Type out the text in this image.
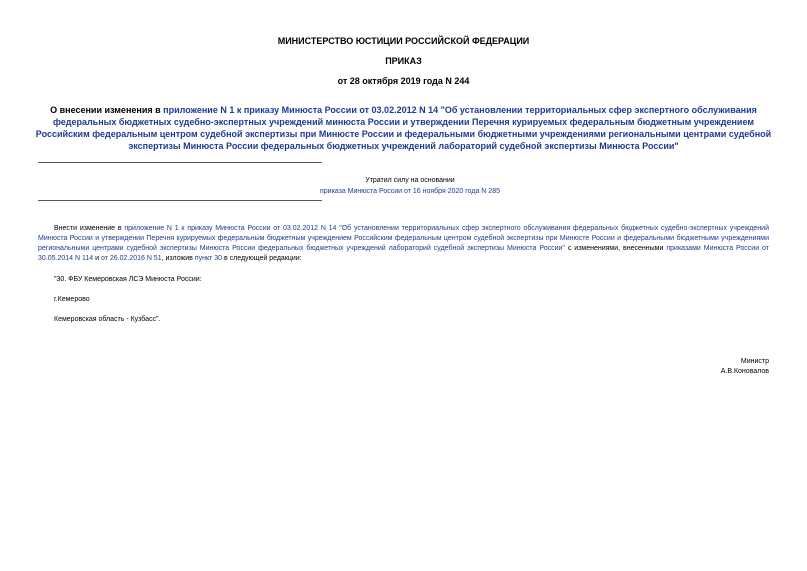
МИНИСТЕРСТВО ЮСТИЦИИ РОССИЙСКОЙ ФЕДЕРАЦИИ
ПРИКАЗ
от 28 октября 2019 года N 244
О внесении изменения в приложение N 1 к приказу Минюста России от 03.02.2012 N 14 "Об установлении территориальных сфер экспертного обслуживания федеральных бюджетных судебно-экспертных учреждений минюста России и утверждении Перечня курируемых федеральным бюджетным учреждением Российским федеральным центром судебной экспертизы при Минюсте России и федеральными бюджетными учреждениями региональными центрами судебной экспертизы Минюста России федеральных бюджетных учреждений лабораторий судебной экспертизы Минюста России"
Утратил силу на основании
приказа Минюста России от 16 ноября 2020 года N 285
Внести изменение в приложение N 1 к приказу Минюста России от 03.02.2012 N 14 "Об установлении территориальных сфер экспертного обслуживания федеральных бюджетных судебно-экспертных учреждений Минюста России и утверждении Перечня курируемых федеральным бюджетным учреждением Российским федеральным центром судебной экспертизы при Минюсте России и федеральными бюджетными учреждениями региональными центрами судебной экспертизы Минюста России федеральных бюджетных учреждений лабораторий судебной экспертизы Минюста России" с изменениями, внесенными приказами Минюста России от 30.05.2014 N 114 и от 26.02.2016 N 51, изложив пункт 30 в следующей редакции:
"30. ФБУ Кемеровская ЛСЭ Минюста России:
г.Кемерово
Кемеровская область - Кузбасс".
Министр
А.В.Коновалов
